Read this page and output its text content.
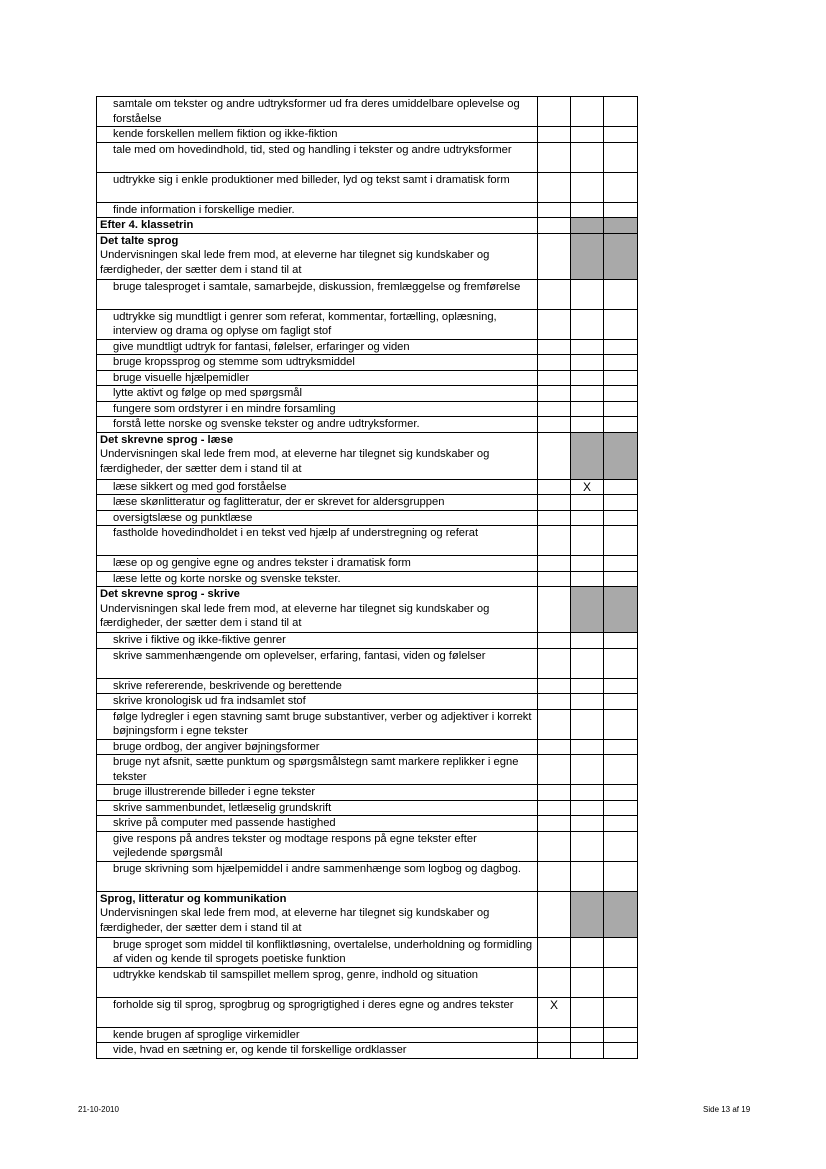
samtale om tekster og andre udtryksformer ud fra deres umiddelbare oplevelse og forståelse				
kende forskellen mellem fiktion og ikke-fiktion				
tale med om hovedindhold, tid, sted og handling i tekster og andre udtryksformer				
udtrykke sig i enkle produktioner med billeder, lyd og tekst samt i dramatisk form				
finde information i forskellige medier.				
Efter 4. klassetrin				

Det talte sprog
Undervisningen skal lede frem mod, at eleverne har tilegnet sig kundskaber og færdigheder, der sætter dem i stand til at				
bruge talesproget i samtale, samarbejde, diskussion, fremlæggelse og fremførelse				
udtrykke sig mundtligt i genrer som referat, kommentar, fortælling, oplæsning, interview og drama og oplyse om fagligt stof				
give mundtligt udtryk for fantasi, følelser, erfaringer og viden				
bruge kropssprog og stemme som udtryksmiddel				
bruge visuelle hjælpemidler				
lytte aktivt og følge op med spørgsmål				
fungere som ordstyrer i en mindre forsamling				
forstå lette norske og svenske tekster og andre udtryksformer.				

Det skrevne sprog - læse
Undervisningen skal lede frem mod, at eleverne har tilegnet sig kundskaber og færdigheder, der sætter dem i stand til at				
læse sikkert og med god forståelse		X		
læse skønlitteratur og faglitteratur, der er skrevet for aldersgruppen				
oversigtslæse og punktlæse				
fastholde hovedindholdet i en tekst ved hjælp af understregning og referat				
læse op og gengive egne og andres tekster i dramatisk form				
læse lette og korte norske og svenske tekster.				

Det skrevne sprog - skrive
Undervisningen skal lede frem mod, at eleverne har tilegnet sig kundskaber og færdigheder, der sætter dem i stand til at				
skrive i fiktive og ikke-fiktive genrer				
skrive sammenhængende om oplevelser, erfaring, fantasi, viden og følelser				
skrive refererende, beskrivende og berettende				
skrive kronologisk ud fra indsamlet stof				
følge lydregler i egen stavning samt bruge substantiver, verber og adjektiver i korrekt bøjningsform i egne tekster				
bruge ordbog, der angiver bøjningsformer				
bruge nyt afsnit, sætte punktum og spørgsmålstegn samt markere replikker i egne tekster				
bruge illustrerende billeder i egne tekster				
skrive sammenbundet, letlæselig grundskrift				
skrive på computer med passende hastighed				
give respons på andres tekster og modtage respons på egne tekster efter vejledende spørgsmål				
bruge skrivning som hjælpemiddel i andre sammenhænge som logbog og dagbog.				

Sprog, litteratur og kommunikation
Undervisningen skal lede frem mod, at eleverne har tilegnet sig kundskaber og færdigheder, der sætter dem i stand til at				
bruge sproget som middel til konfliktløsning, overtalelse, underholdning og formidling af viden og kende til sprogets poetiske funktion				
udtrykke kendskab til samspillet mellem sprog, genre, indhold og situation				
forholde sig til sprog, sprogbrug og sprogrigtighed i deres egne og andres tekster	X			
kende brugen af sproglige virkemidler				
vide, hvad en sætning er, og kende til forskellige ordklasser				
21-10-2010	Side 13 af 19
